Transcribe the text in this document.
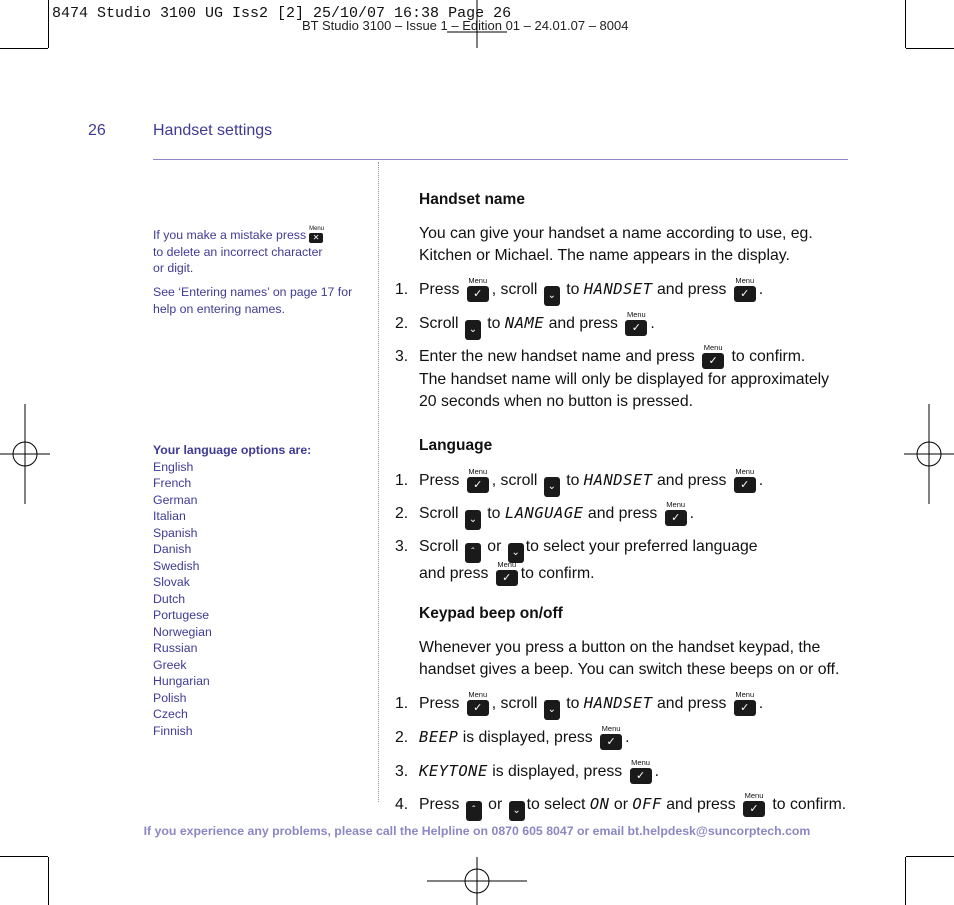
BT Studio 3100 – Issue 1 – Edition 01 – 24.01.07 – 8004
8474 Studio 3100 UG Iss2 [2] 25/10/07 16:38 Page 26
26	Handset settings
If you make a mistake press Menu
✕
to delete an incorrect character
or digit.
See ‘Entering names’ on page 17 for
help on entering names.
Your language options are:
English
French
German
Italian
Spanish
Danish
Swedish
Slovak
Dutch
Portugese
Norwegian
Russian
Greek
Hungarian
Polish
Czech
Finnish
Handset name
You can give your handset a name according to use, eg.
Kitchen or Michael. The name appears in the display.
1. Press
Menu
✓ , scroll ⌄ to HANDSET and press
Menu
✓ .
2. Scroll ⌄ to NAME and press
Menu
✓ .
3. Enter the new handset name and press
Menu
✓ to confirm.
The handset name will only be displayed for approximately
20 seconds when no button is pressed.
Language
1. Press
Menu
✓ , scroll ⌄ to HANDSET and press
Menu
✓ .
2. Scroll ⌄ to LANGUAGE and press
Menu
✓ .
3. Scroll ˆ or ⌄ to select your preferred language
and press
Menu
✓ to confirm.
Keypad beep on/off
Whenever you press a button on the handset keypad, the
handset gives a beep. You can switch these beeps on or off.
1. Press
Menu
✓ , scroll ⌄ to HANDSET and press
Menu
✓ .
2. BEEP is displayed, press
Menu
✓ .
3. KEYTONE is displayed, press
Menu
✓ .
4. Press ˆ or ⌄ to select ON or OFF and press
Menu
✓ to confirm.
If you experience any problems, please call the Helpline on 0870 605 8047 or email bt.helpdesk@suncorptech.com
